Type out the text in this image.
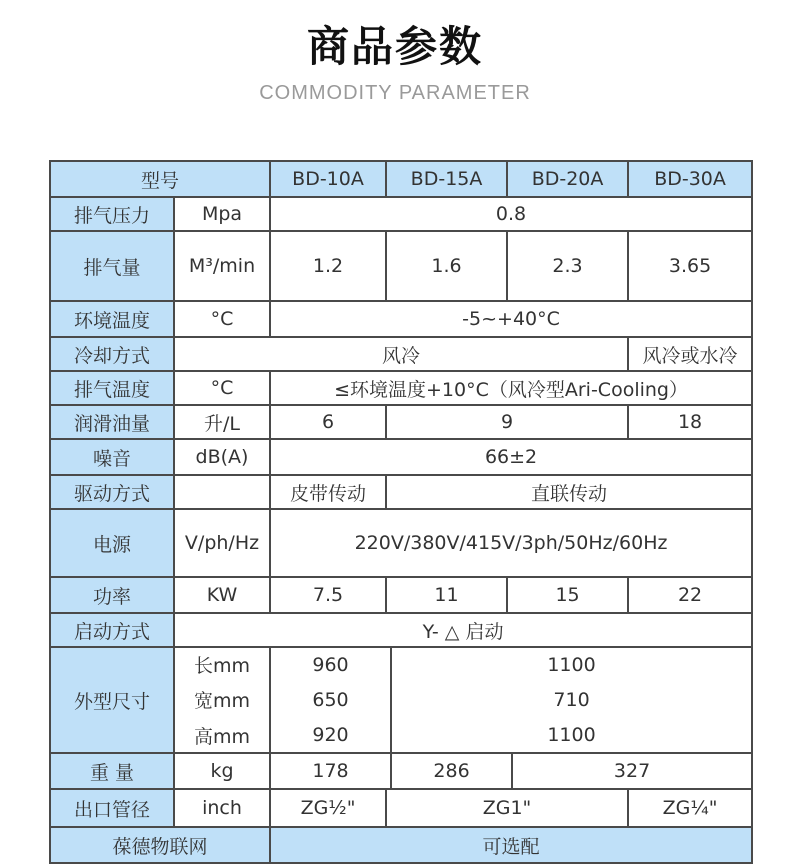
商品参数
COMMODITY PARAMETER
型号		BD-10A	BD-15A		BD-20A		BD-30A	
排气压力	Mpa	0.8						
排气量	M³/min	1.2	1.6		2.3		3.65	
环境温度	°C	-5~+40°C						
冷却方式	风冷						风冷或水冷	
排气温度	°C	≤环境温度+10°C（风冷型Ari-Cooling）						
润滑油量	升/L	6	9				18	
噪音	dB(A)	66±2						
驱动方式		皮带传动	直联传动					
电源	V/ph/Hz	220V/380V/415V/3ph/50Hz/60Hz						
功率	KW	7.5	11		15		22	
启动方式	Y- △ 启动							
外型尺寸	长mm	960		1100	
	宽mm	650		710	
	高mm	920		1100	
重 量	kg	178		286		327	
出口管径	inch	ZG½"	ZG1"				ZG¼"	
葆德物联网		可选配						
